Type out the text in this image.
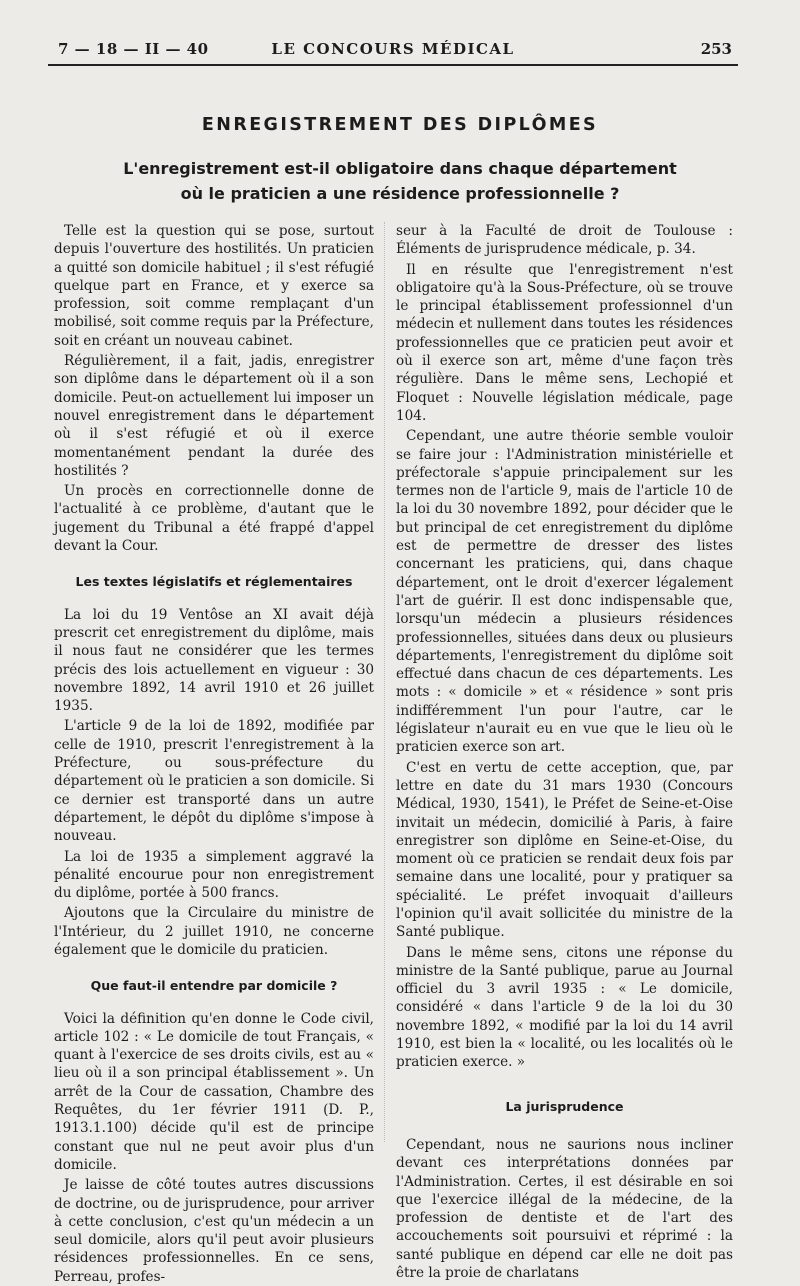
7 — 18 — II — 40	LE CONCOURS MÉDICAL	253
ENREGISTREMENT DES DIPLÔMES
L'enregistrement est-il obligatoire dans chaque département
où le praticien a une résidence professionnelle ?

Telle est la question qui se pose, surtout depuis l'ouverture des hostilités. Un praticien a quitté son domicile habituel ; il s'est réfugié quelque part en France, et y exerce sa profession, soit comme remplaçant d'un mobilisé, soit comme requis par la Préfecture, soit en créant un nouveau cabinet.

Régulièrement, il a fait, jadis, enregistrer son diplôme dans le département où il a son domicile. Peut-on actuellement lui imposer un nouvel enregistrement dans le département où il s'est réfugié et où il exerce momentanément pendant la durée des hostilités ?

Un procès en correctionnelle donne de l'actualité à ce problème, d'autant que le jugement du Tribunal a été frappé d'appel devant la Cour.

Les textes législatifs et réglementaires

La loi du 19 Ventôse an XI avait déjà prescrit cet enregistrement du diplôme, mais il nous faut ne considérer que les termes précis des lois actuellement en vigueur : 30 novembre 1892, 14 avril 1910 et 26 juillet 1935.

L'article 9 de la loi de 1892, modifiée par celle de 1910, prescrit l'enregistrement à la Préfecture, ou sous-préfecture du département où le praticien a son domicile. Si ce dernier est transporté dans un autre département, le dépôt du diplôme s'impose à nouveau.

La loi de 1935 a simplement aggravé la pénalité encourue pour non enregistrement du diplôme, portée à 500 francs.

Ajoutons que la Circulaire du ministre de l'Intérieur, du 2 juillet 1910, ne concerne également que le domicile du praticien.

Que faut-il entendre par domicile ?

Voici la définition qu'en donne le Code civil, article 102 : « Le domicile de tout Français, « quant à l'exercice de ses droits civils, est au « lieu où il a son principal établissement ». Un arrêt de la Cour de cassation, Chambre des Requêtes, du 1er février 1911 (D. P., 1913.1.100) décide qu'il est de principe constant que nul ne peut avoir plus d'un domicile.

Je laisse de côté toutes autres discussions de doctrine, ou de jurisprudence, pour arriver à cette conclusion, c'est qu'un médecin a un seul domicile, alors qu'il peut avoir plusieurs résidences professionnelles. En ce sens, Perreau, profes-

seur à la Faculté de droit de Toulouse : Éléments de jurisprudence médicale, p. 34.

Il en résulte que l'enregistrement n'est obligatoire qu'à la Sous-Préfecture, où se trouve le principal établissement professionnel d'un médecin et nullement dans toutes les résidences professionnelles que ce praticien peut avoir et où il exerce son art, même d'une façon très régulière. Dans le même sens, Lechopié et Floquet : Nouvelle législation médicale, page 104.

Cependant, une autre théorie semble vouloir se faire jour : l'Administration ministérielle et préfectorale s'appuie principalement sur les termes non de l'article 9, mais de l'article 10 de la loi du 30 novembre 1892, pour décider que le but principal de cet enregistrement du diplôme est de permettre de dresser des listes concernant les praticiens, qui, dans chaque département, ont le droit d'exercer légalement l'art de guérir. Il est donc indispensable que, lorsqu'un médecin a plusieurs résidences professionnelles, situées dans deux ou plusieurs départements, l'enregistrement du diplôme soit effectué dans chacun de ces départements. Les mots : « domicile » et « résidence » sont pris indifféremment l'un pour l'autre, car le législateur n'aurait eu en vue que le lieu où le praticien exerce son art.

C'est en vertu de cette acception, que, par lettre en date du 31 mars 1930 (Concours Médical, 1930, 1541), le Préfet de Seine-et-Oise invitait un médecin, domicilié à Paris, à faire enregistrer son diplôme en Seine-et-Oise, du moment où ce praticien se rendait deux fois par semaine dans une localité, pour y pratiquer sa spécialité. Le préfet invoquait d'ailleurs l'opinion qu'il avait sollicitée du ministre de la Santé publique.

Dans le même sens, citons une réponse du ministre de la Santé publique, parue au Journal officiel du 3 avril 1935 : « Le domicile, considéré « dans l'article 9 de la loi du 30 novembre 1892, « modifié par la loi du 14 avril 1910, est bien la « localité, ou les localités où le praticien exerce. »

La jurisprudence

Cependant, nous ne saurions nous incliner devant ces interprétations données par l'Administration. Certes, il est désirable en soi que l'exercice illégal de la médecine, de la profession de dentiste et de l'art des accouchements soit poursuivi et réprimé : la santé publique en dépend car elle ne doit pas être la proie de charlatans
